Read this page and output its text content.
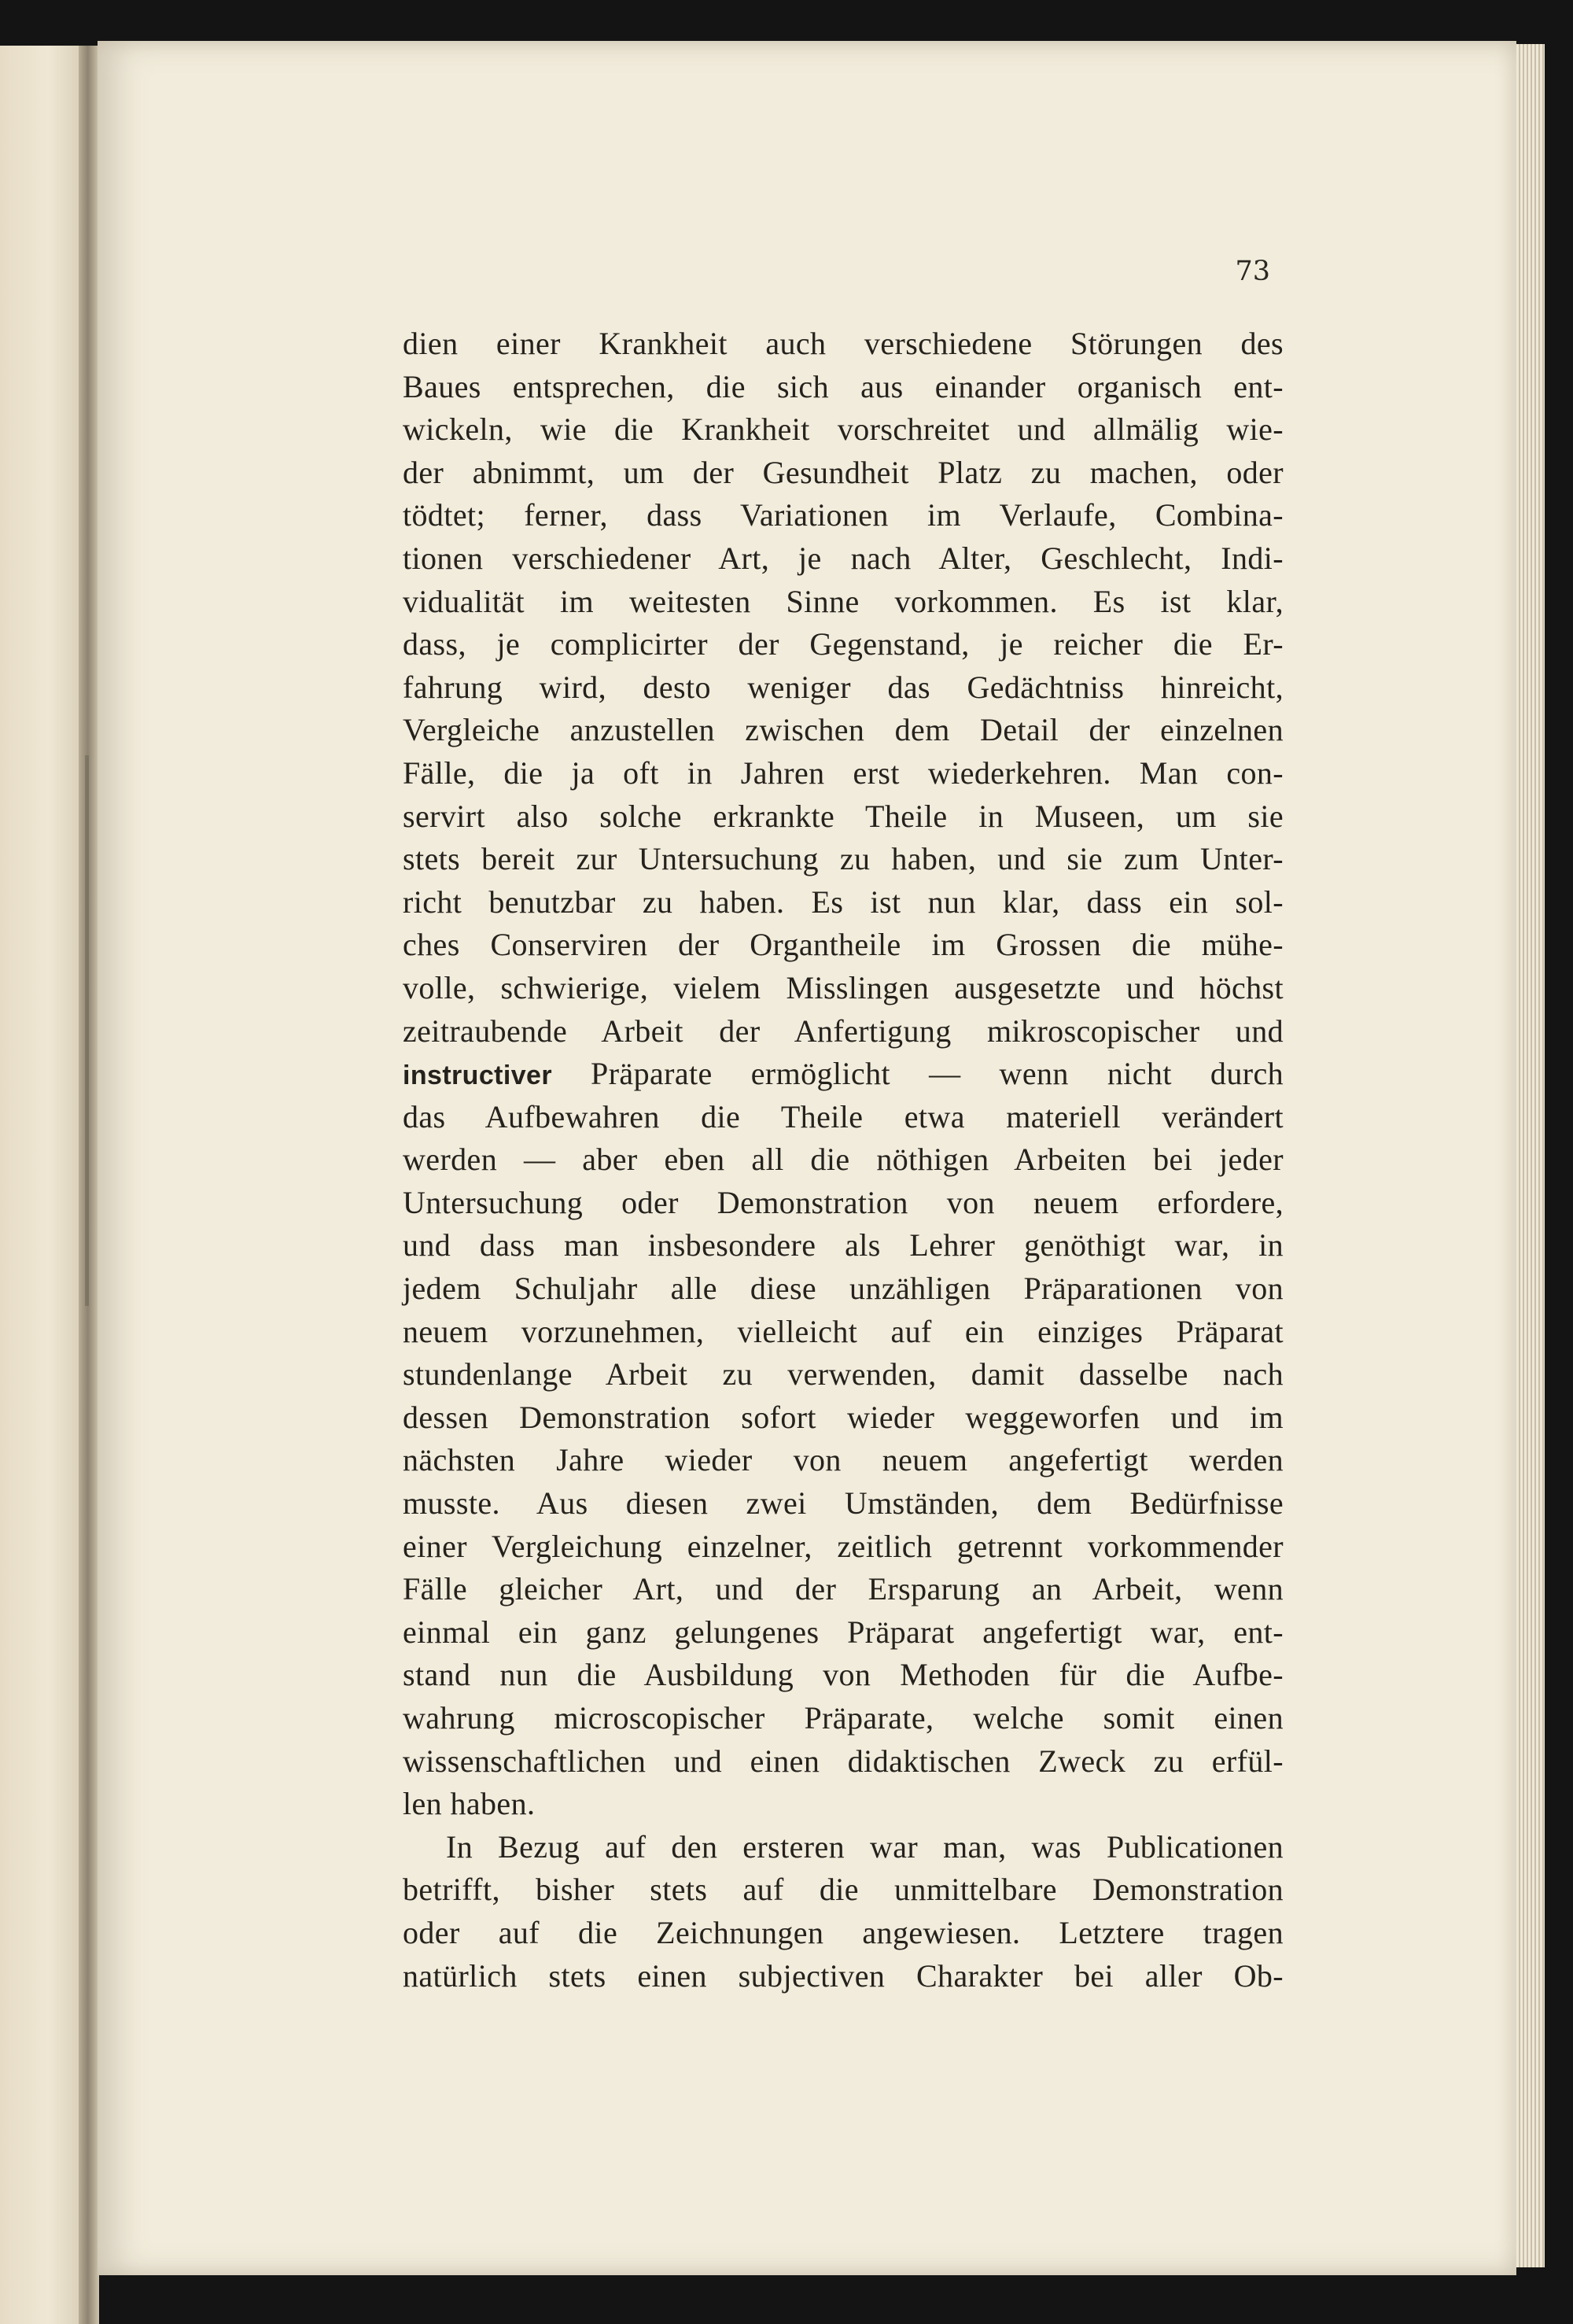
73
dien einer Krankheit auch verschiedene Störungen des
Baues entsprechen, die sich aus einander organisch ent-
wickeln, wie die Krankheit vorschreitet und allmälig wie-
der abnimmt, um der Gesundheit Platz zu machen, oder
tödtet; ferner, dass Variationen im Verlaufe, Combina-
tionen verschiedener Art, je nach Alter, Geschlecht, Indi-
vidualität im weitesten Sinne vorkommen. Es ist klar,
dass, je complicirter der Gegenstand, je reicher die Er-
fahrung wird, desto weniger das Gedächtniss hinreicht,
Vergleiche anzustellen zwischen dem Detail der einzelnen
Fälle, die ja oft in Jahren erst wiederkehren. Man con-
servirt also solche erkrankte Theile in Museen, um sie
stets bereit zur Untersuchung zu haben, und sie zum Unter-
richt benutzbar zu haben. Es ist nun klar, dass ein sol-
ches Conserviren der Organtheile im Grossen die mühe-
volle, schwierige, vielem Misslingen ausgesetzte und höchst
zeitraubende Arbeit der Anfertigung mikroscopischer und
instructiver Präparate ermöglicht — wenn nicht durch
das Aufbewahren die Theile etwa materiell verändert
werden — aber eben all die nöthigen Arbeiten bei jeder
Untersuchung oder Demonstration von neuem erfordere,
und dass man insbesondere als Lehrer genöthigt war, in
jedem Schuljahr alle diese unzähligen Präparationen von
neuem vorzunehmen, vielleicht auf ein einziges Präparat
stundenlange Arbeit zu verwenden, damit dasselbe nach
dessen Demonstration sofort wieder weggeworfen und im
nächsten Jahre wieder von neuem angefertigt werden
musste. Aus diesen zwei Umständen, dem Bedürfnisse
einer Vergleichung einzelner, zeitlich getrennt vorkommender
Fälle gleicher Art, und der Ersparung an Arbeit, wenn
einmal ein ganz gelungenes Präparat angefertigt war, ent-
stand nun die Ausbildung von Methoden für die Aufbe-
wahrung microscopischer Präparate, welche somit einen
wissenschaftlichen und einen didaktischen Zweck zu erfül-
len haben.
In Bezug auf den ersteren war man, was Publicationen
betrifft, bisher stets auf die unmittelbare Demonstration
oder auf die Zeichnungen angewiesen. Letztere tragen
natürlich stets einen subjectiven Charakter bei aller Ob-
